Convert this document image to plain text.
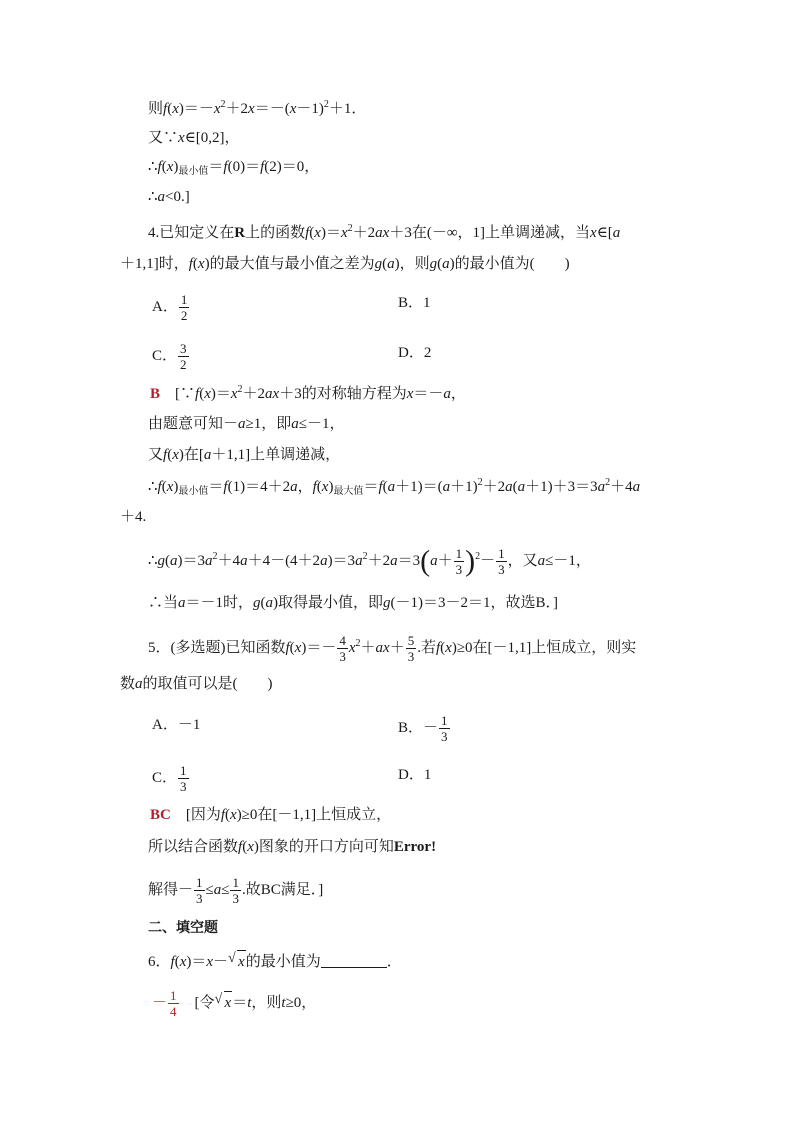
则$f(x)=-x^2+2x=-(x-1)^2+1$．
又∵x∈[0,2]，
$\therefore f(x)_{最小值}=f(0)=f(2)=0$，
∴a<0.]
4.已知定义在R上的函数$f(x)=x^2+2ax+3$在(－∞，1]上单调递减，当x∈[a
＋1,1]时，f(x)的最大值与最小值之差为g(a)，则g(a)的最小值为(　　)
A． $\frac{1}{2}$	B．1
C． $\frac{3}{2}$	D．2
B　[$\because f(x)=x^2+2ax+3$的对称轴方程为x＝－a，
由题意可知－a≥1，即a≤－1，
又f(x)在[a＋1,1]上单调递减，
$\therefore f(x)_{最小值}=f(1)=4+2a$，$f(x)_{最大值}=f(a+1)=(a+1)^2+2a(a+1)+3=3a^2+4a$
＋4.
$\therefore g(a)=3a^2+4a+4-(4+2a)=3a^2+2a=3(a+ \frac{1}{3} )^2- \frac{1}{3}$ ，又a≤－1，
∴当a＝－1时，g(a)取得最小值，即g(－1)＝3－2＝1，故选B．]
5．(多选题)已知函数$f(x)=- \frac{4}{3} x^2+ax+ \frac{5}{3}$ .若f(x)≥0在[－1,1]上恒成立，则实
数a的取值可以是(　　)
A．－1	B．－ $\frac{1}{3}$
C． $\frac{1}{3}$	D．1
BC　[因为f(x)≥0在[－1,1]上恒成立，
所以结合函数f(x)图象的开口方向可知Error!
解得－ $\frac{1}{3} \le a\le \frac{1}{3}$ .故BC满足．]
二、填空题
6．f(x)＝x－ √ x的最小值为	．
－ $\frac{1}{4}$ 　[令 √ x＝t，则t≥0，
